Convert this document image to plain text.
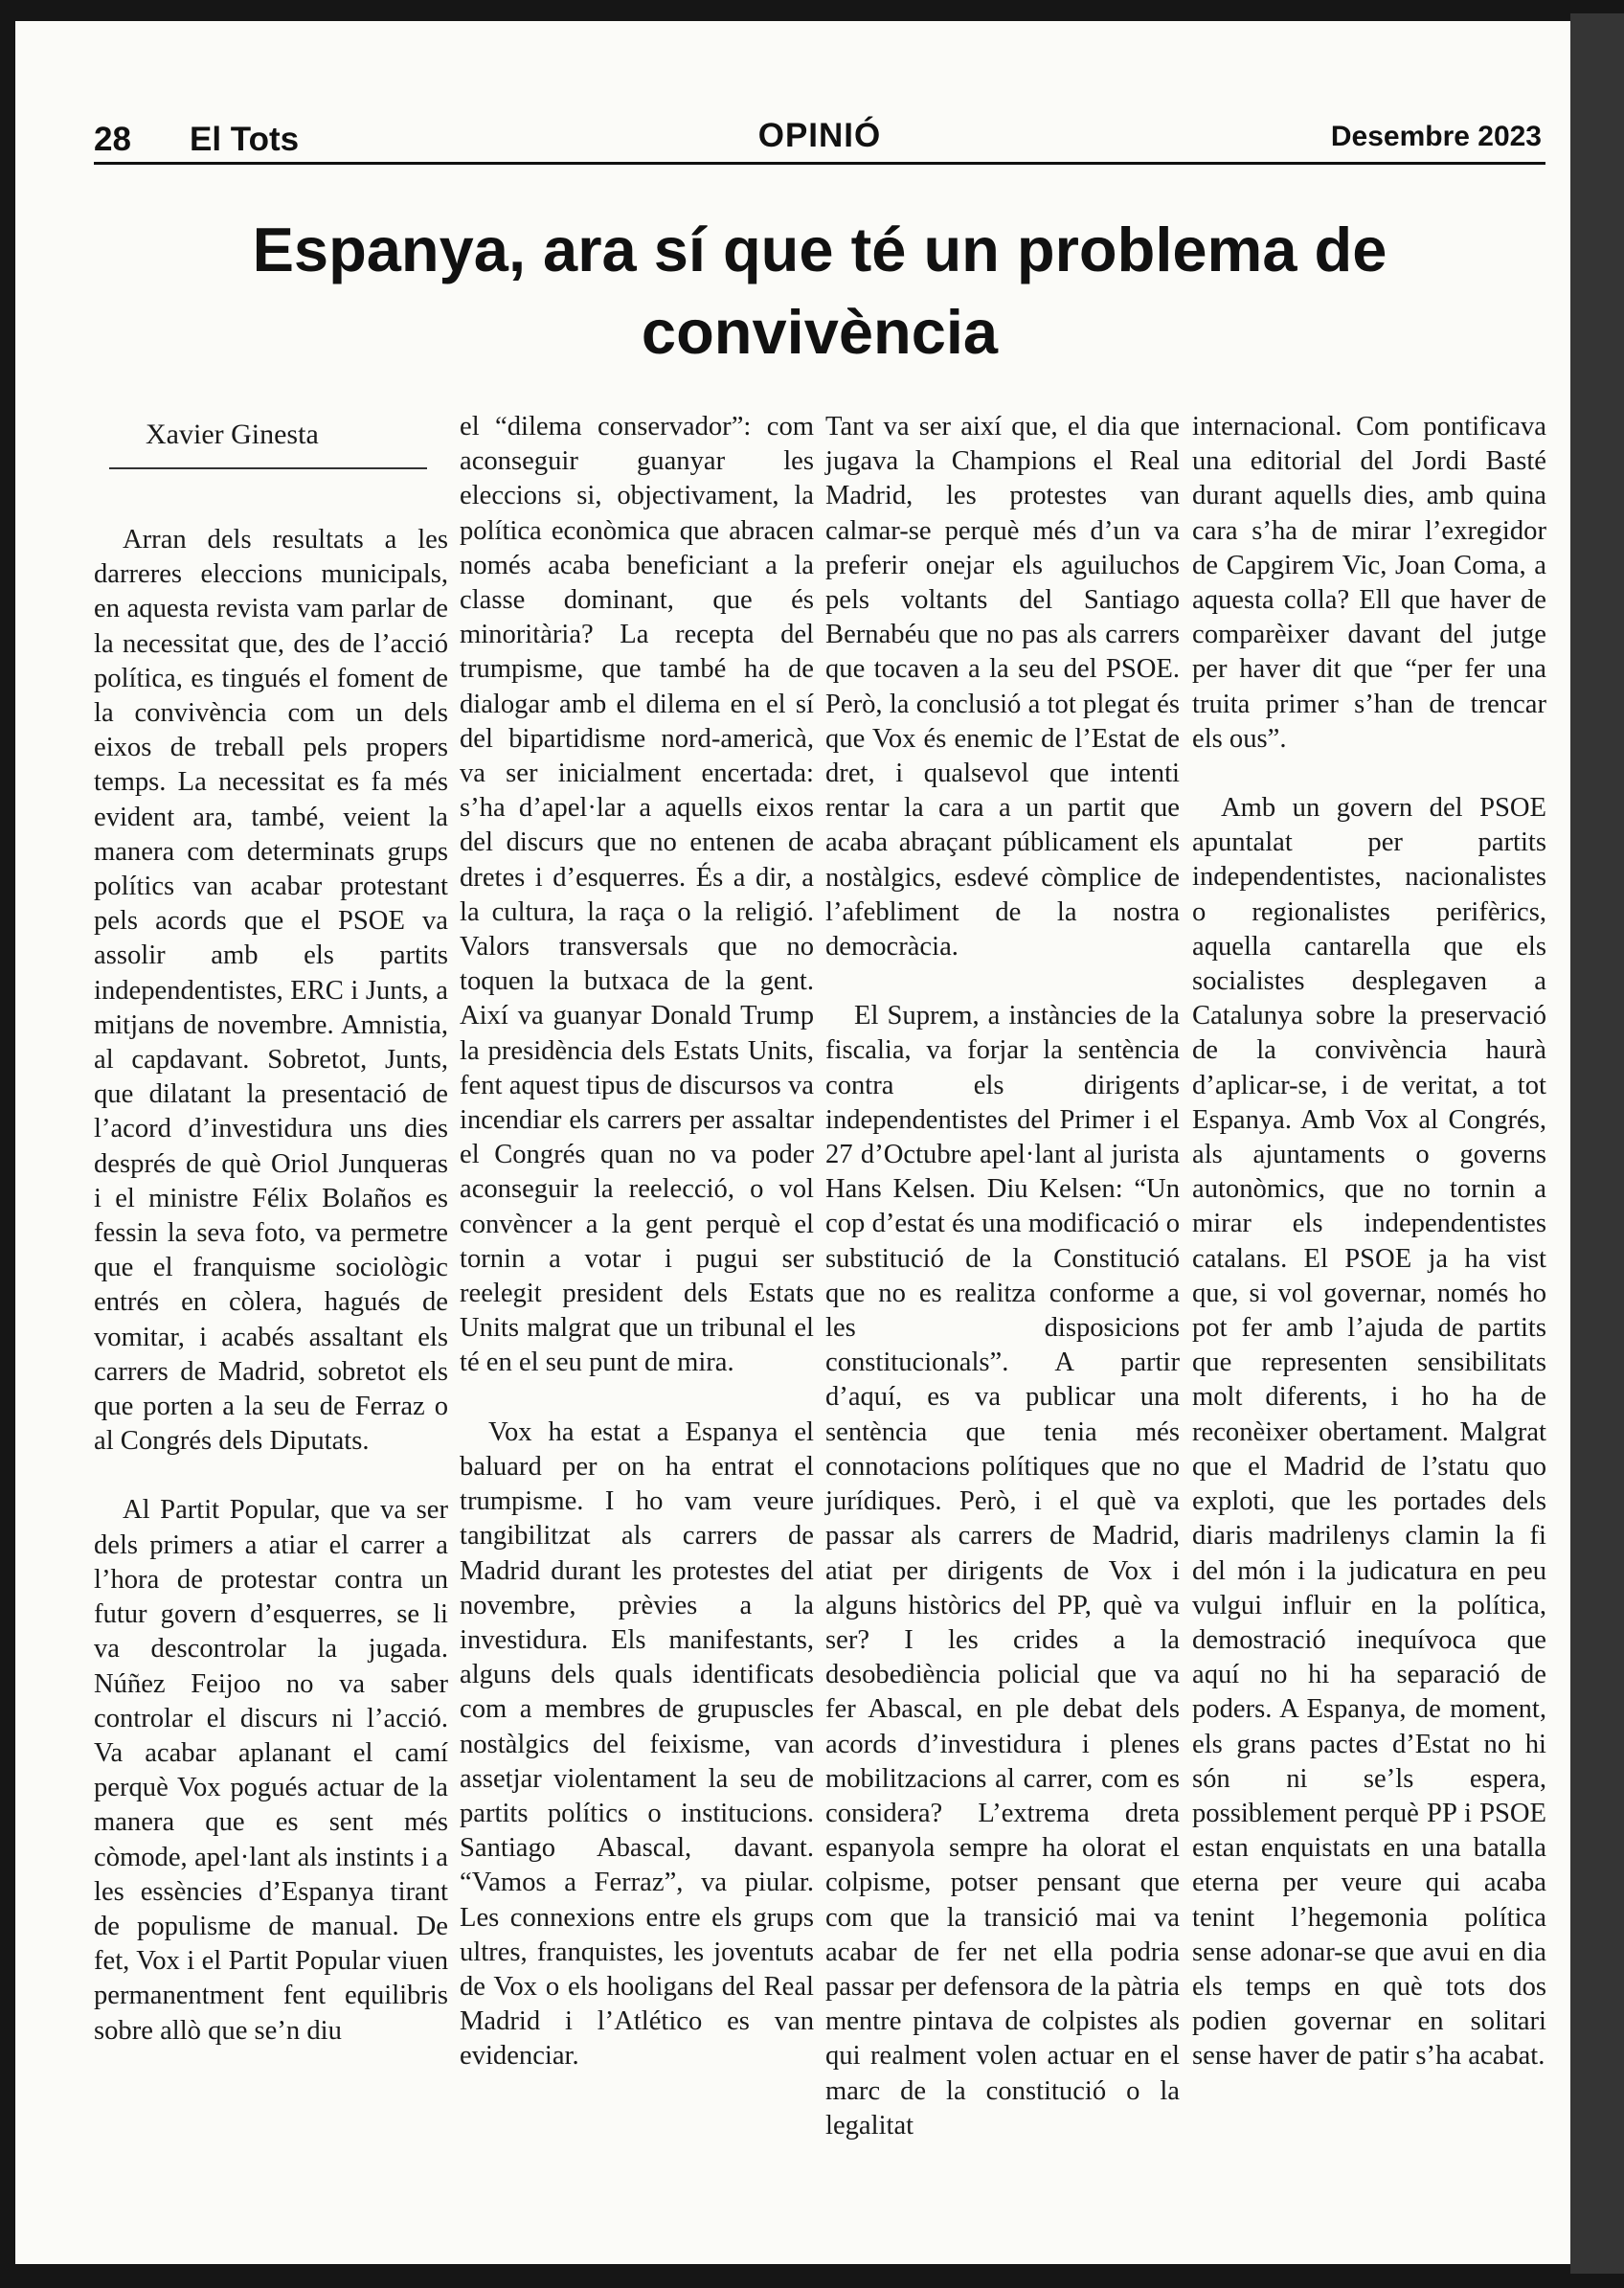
28 El Tots	OPINIÓ	Desembre 2023
Espanya, ara sí que té un problema de convivència
Xavier Ginesta

Arran dels resultats a les darreres eleccions municipals, en aquesta revista vam parlar de la necessitat que, des de l’acció política, es tingués el foment de la convivència com un dels eixos de treball pels propers temps. La necessitat es fa més evident ara, també, veient la manera com determinats grups polítics van acabar protestant pels acords que el PSOE va assolir amb els partits independentistes, ERC i Junts, a mitjans de novembre. Amnistia, al capdavant. Sobretot, Junts, que dilatant la presentació de l’acord d’investidura uns dies després de què Oriol Junqueras i el ministre Félix Bolaños es fessin la seva foto, va permetre que el franquisme sociològic entrés en còlera, hagués de vomitar, i acabés assaltant els carrers de Madrid, sobretot els que porten a la seu de Ferraz o al Congrés dels Diputats.

Al Partit Popular, que va ser dels primers a atiar el carrer a l’hora de protestar contra un futur govern d’esquerres, se li va descontrolar la jugada. Núñez Feijoo no va saber controlar el discurs ni l’acció. Va acabar aplanant el camí perquè Vox pogués actuar de la manera que es sent més còmode, apel·lant als instints i a les essències d’Espanya tirant de populisme de manual. De fet, Vox i el Partit Popular viuen permanentment fent equilibris sobre allò que se’n diu

el “dilema conservador”: com aconseguir guanyar les eleccions si, objectivament, la política econòmica que abracen només acaba beneficiant a la classe dominant, que és minoritària? La recepta del trumpisme, que també ha de dialogar amb el dilema en el sí del bipartidisme nord-americà, va ser inicialment encertada: s’ha d’apel·lar a aquells eixos del discurs que no entenen de dretes i d’esquerres. És a dir, a la cultura, la raça o la religió. Valors transversals que no toquen la butxaca de la gent. Així va guanyar Donald Trump la presidència dels Estats Units, fent aquest tipus de discursos va incendiar els carrers per assaltar el Congrés quan no va poder aconseguir la reelecció, o vol convèncer a la gent perquè el tornin a votar i pugui ser reelegit president dels Estats Units malgrat que un tribunal el té en el seu punt de mira.

Vox ha estat a Espanya el baluard per on ha entrat el trumpisme. I ho vam veure tangibilitzat als carrers de Madrid durant les protestes del novembre, prèvies a la investidura. Els manifestants, alguns dels quals identificats com a membres de grupuscles nostàlgics del feixisme, van assetjar violentament la seu de partits polítics o institucions. Santiago Abascal, davant. “Vamos a Ferraz”, va piular. Les connexions entre els grups ultres, franquistes, les joventuts de Vox o els hooligans del Real Madrid i l’Atlético es van evidenciar.

Tant va ser així que, el dia que jugava la Champions el Real Madrid, les protestes van calmar-se perquè més d’un va preferir onejar els aguiluchos pels voltants del Santiago Bernabéu que no pas als carrers que tocaven a la seu del PSOE. Però, la conclusió a tot plegat és que Vox és enemic de l’Estat de dret, i qualsevol que intenti rentar la cara a un partit que acaba abraçant públicament els nostàlgics, esdevé còmplice de l’afebliment de la nostra democràcia.

El Suprem, a instàncies de la fiscalia, va forjar la sentència contra els dirigents independentistes del Primer i el 27 d’Octubre apel·lant al jurista Hans Kelsen. Diu Kelsen: “Un cop d’estat és una modificació o substitució de la Constitució que no es realitza conforme a les disposicions constitucionals”. A partir d’aquí, es va publicar una sentència que tenia més connotacions polítiques que no jurídiques. Però, i el què va passar als carrers de Madrid, atiat per dirigents de Vox i alguns històrics del PP, què va ser? I les crides a la desobediència policial que va fer Abascal, en ple debat dels acords d’investidura i plenes mobilitzacions al carrer, com es considera? L’extrema dreta espanyola sempre ha olorat el colpisme, potser pensant que com que la transició mai va acabar de fer net ella podria passar per defensora de la pàtria mentre pintava de colpistes als qui realment volen actuar en el marc de la constitució o la legalitat

internacional. Com pontificava una editorial del Jordi Basté durant aquells dies, amb quina cara s’ha de mirar l’exregidor de Capgirem Vic, Joan Coma, a aquesta colla? Ell que haver de comparèixer davant del jutge per haver dit que “per fer una truita primer s’han de trencar els ous”.

Amb un govern del PSOE apuntalat per partits independentistes, nacionalistes o regionalistes perifèrics, aquella cantarella que els socialistes desplegaven a Catalunya sobre la preservació de la convivència haurà d’aplicar-se, i de veritat, a tot Espanya. Amb Vox al Congrés, als ajuntaments o governs autonòmics, que no tornin a mirar els independentistes catalans. El PSOE ja ha vist que, si vol governar, només ho pot fer amb l’ajuda de partits que representen sensibilitats molt diferents, i ho ha de reconèixer obertament. Malgrat que el Madrid de l’statu quo exploti, que les portades dels diaris madrilenys clamin la fi del món i la judicatura en peu vulgui influir en la política, demostració inequívoca que aquí no hi ha separació de poders. A Espanya, de moment, els grans pactes d’Estat no hi són ni se’ls espera, possiblement perquè PP i PSOE estan enquistats en una batalla eterna per veure qui acaba tenint l’hegemonia política sense adonar-se que avui en dia els temps en què tots dos podien governar en solitari sense haver de patir s’ha acabat.
